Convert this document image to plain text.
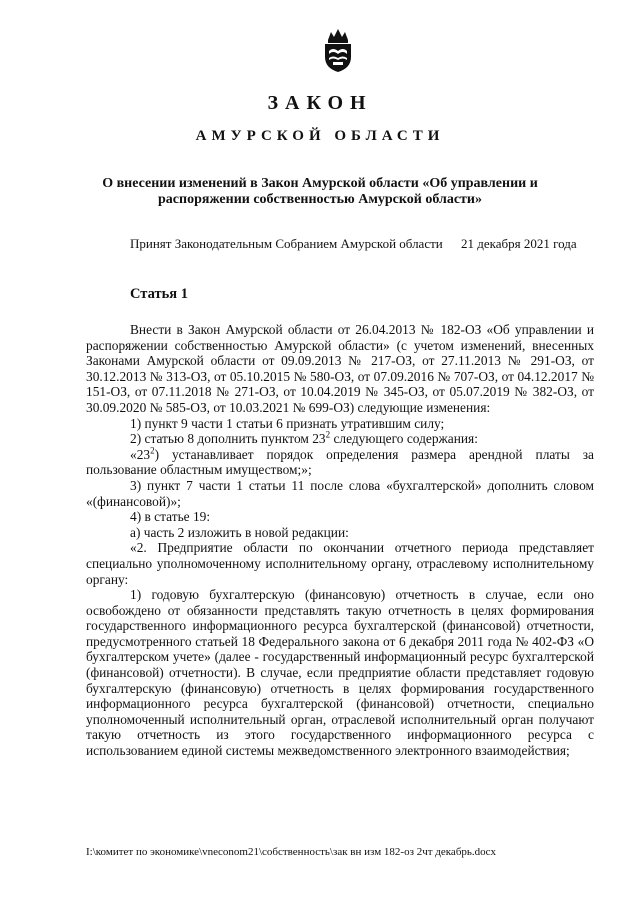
ЗАКОН
АМУРСКОЙ ОБЛАСТИ
О внесении изменений в Закон Амурской области «Об управлении и распоряжении собственностью Амурской области»
Принят Законодательным Собранием Амурской области 21 декабря 2021 года
Статья 1

Внести в Закон Амурской области от 26.04.2013 № 182-ОЗ «Об управлении и распоряжении собственностью Амурской области» (с учетом изменений, внесенных Законами Амурской области от 09.09.2013 № 217-ОЗ, от 27.11.2013 № 291-ОЗ, от 30.12.2013 № 313-ОЗ, от 05.10.2015 № 580-ОЗ, от 07.09.2016 № 707-ОЗ, от 04.12.2017 № 151-ОЗ, от 07.11.2018 № 271-ОЗ, от 10.04.2019 № 345-ОЗ, от 05.07.2019 № 382-ОЗ, от 30.09.2020 № 585-ОЗ, от 10.03.2021 № 699-ОЗ) следующие изменения:

1) пункт 9 части 1 статьи 6 признать утратившим силу;

2) статью 8 дополнить пунктом $23^2$ следующего содержания:

«$23^2$) устанавливает порядок определения размера арендной платы за пользование областным имуществом;»;

3) пункт 7 части 1 статьи 11 после слова «бухгалтерской» дополнить словом «(финансовой)»;

4) в статье 19:

а) часть 2 изложить в новой редакции:

«2. Предприятие области по окончании отчетного периода представляет специально уполномоченному исполнительному органу, отраслевому исполнительному органу:

1) годовую бухгалтерскую (финансовую) отчетность в случае, если оно освобождено от обязанности представлять такую отчетность в целях формирования государственного информационного ресурса бухгалтерской (финансовой) отчетности, предусмотренного статьей 18 Федерального закона от 6 декабря 2011 года № 402-ФЗ «О бухгалтерском учете» (далее - государственный информационный ресурс бухгалтерской (финансовой) отчетности). В случае, если предприятие области представляет годовую бухгалтерскую (финансовую) отчетность в целях формирования государственного информационного ресурса бухгалтерской (финансовой) отчетности, специально уполномоченный исполнительный орган, отраслевой исполнительный орган получают такую отчетность из этого государственного информационного ресурса с использованием единой системы межведомственного электронного взаимодействия;

I:\комитет по экономике\vneconom21\собственность\зак вн изм 182-оз 2чт декабрь.docx
